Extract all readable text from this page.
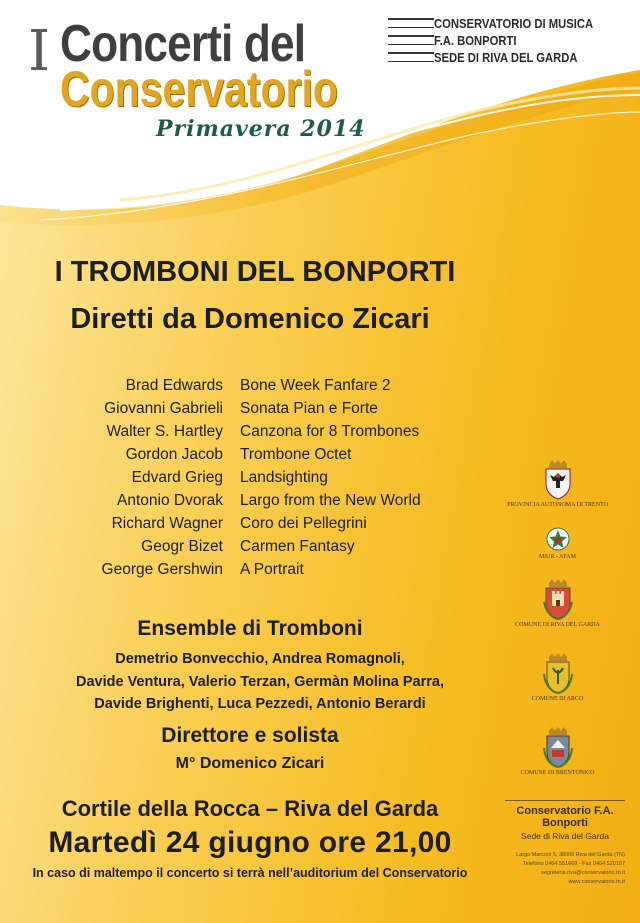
I Concerti del
Conservatorio
Primavera 2014
CONSERVATORIO DI MUSICA
F.A. BONPORTI
SEDE DI RIVA DEL GARDA
I TROMBONI DEL BONPORTI
Diretti da Domenico Zicari
Brad Edwards	Bone Week Fanfare 2
Giovanni Gabrieli	Sonata Pian e Forte
Walter S. Hartley	Canzona for 8 Trombones
Gordon Jacob	Trombone Octet
Edvard Grieg	Landsighting
Antonio Dvorak	Largo from the New World
Richard Wagner	Coro dei Pellegrini
Geogr Bizet	Carmen Fantasy
George Gershwin	A Portrait
Ensemble di Tromboni
Demetrio Bonvecchio, Andrea Romagnoli,
Davide Ventura, Valerio Terzan, Germàn Molina Parra,
Davide Brighenti, Luca Pezzedi, Antonio Berardi
Direttore e solista
M° Domenico Zicari
Cortile della Rocca – Riva del Garda
Martedì 24 giugno ore 21,00
In caso di maltempo il concerto si terrà nell’auditorium del Conservatorio
PROVINCIA AUTONOMA DI TRENTO
MiUR - AFAM
COMUNE DI RIVA DEL GARDA
COMUNE DI ARCO
COMUNE DI BRENTONICO
Conservatorio F.A. Bonporti
Sede di Riva del Garda
Largo Marconi 5, 38066 Riva del Garda (TN)
Telefono 0464 551669 - Fax 0464 520187
segreteria.riva@conservatorio.tn.it
www.conservatorio.tn.it
